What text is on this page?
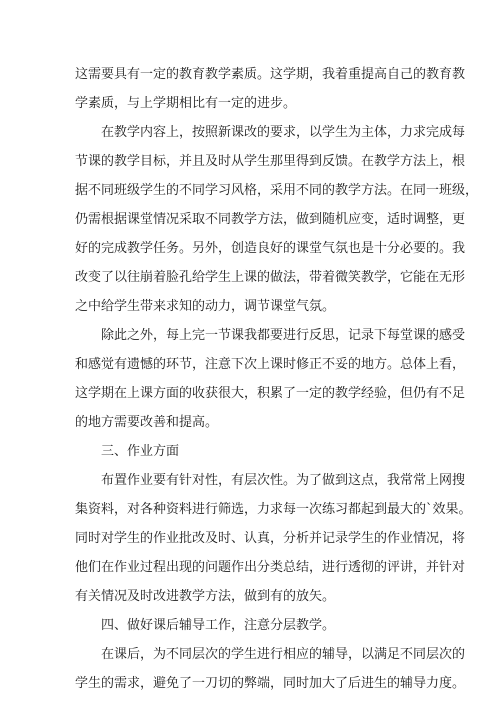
这需要具有一定的教育教学素质。这学期，我着重提高自己的教育教
学素质，与上学期相比有一定的进步。
在教学内容上，按照新课改的要求，以学生为主体，力求完成每
节课的教学目标，并且及时从学生那里得到反馈。在教学方法上，根
据不同班级学生的不同学习风格，采用不同的教学方法。在同一班级，
仍需根据课堂情况采取不同教学方法，做到随机应变，适时调整，更
好的完成教学任务。另外，创造良好的课堂气氛也是十分必要的。我
改变了以往崩着脸孔给学生上课的做法，带着微笑教学，它能在无形
之中给学生带来求知的动力，调节课堂气氛。
除此之外，每上完一节课我都要进行反思，记录下每堂课的感受
和感觉有遗憾的环节，注意下次上课时修正不妥的地方。总体上看，
这学期在上课方面的收获很大，积累了一定的教学经验，但仍有不足
的地方需要改善和提高。
三、作业方面
布置作业要有针对性，有层次性。为了做到这点，我常常上网搜
集资料，对各种资料进行筛选，力求每一次练习都起到最大的`效果。
同时对学生的作业批改及时、认真，分析并记录学生的作业情况，将
他们在作业过程出现的问题作出分类总结，进行透彻的评讲，并针对
有关情况及时改进教学方法，做到有的放矢。
四、做好课后辅导工作，注意分层教学。
在课后，为不同层次的学生进行相应的辅导，以满足不同层次的
学生的需求，避免了一刀切的弊端，同时加大了后进生的辅导力度。
